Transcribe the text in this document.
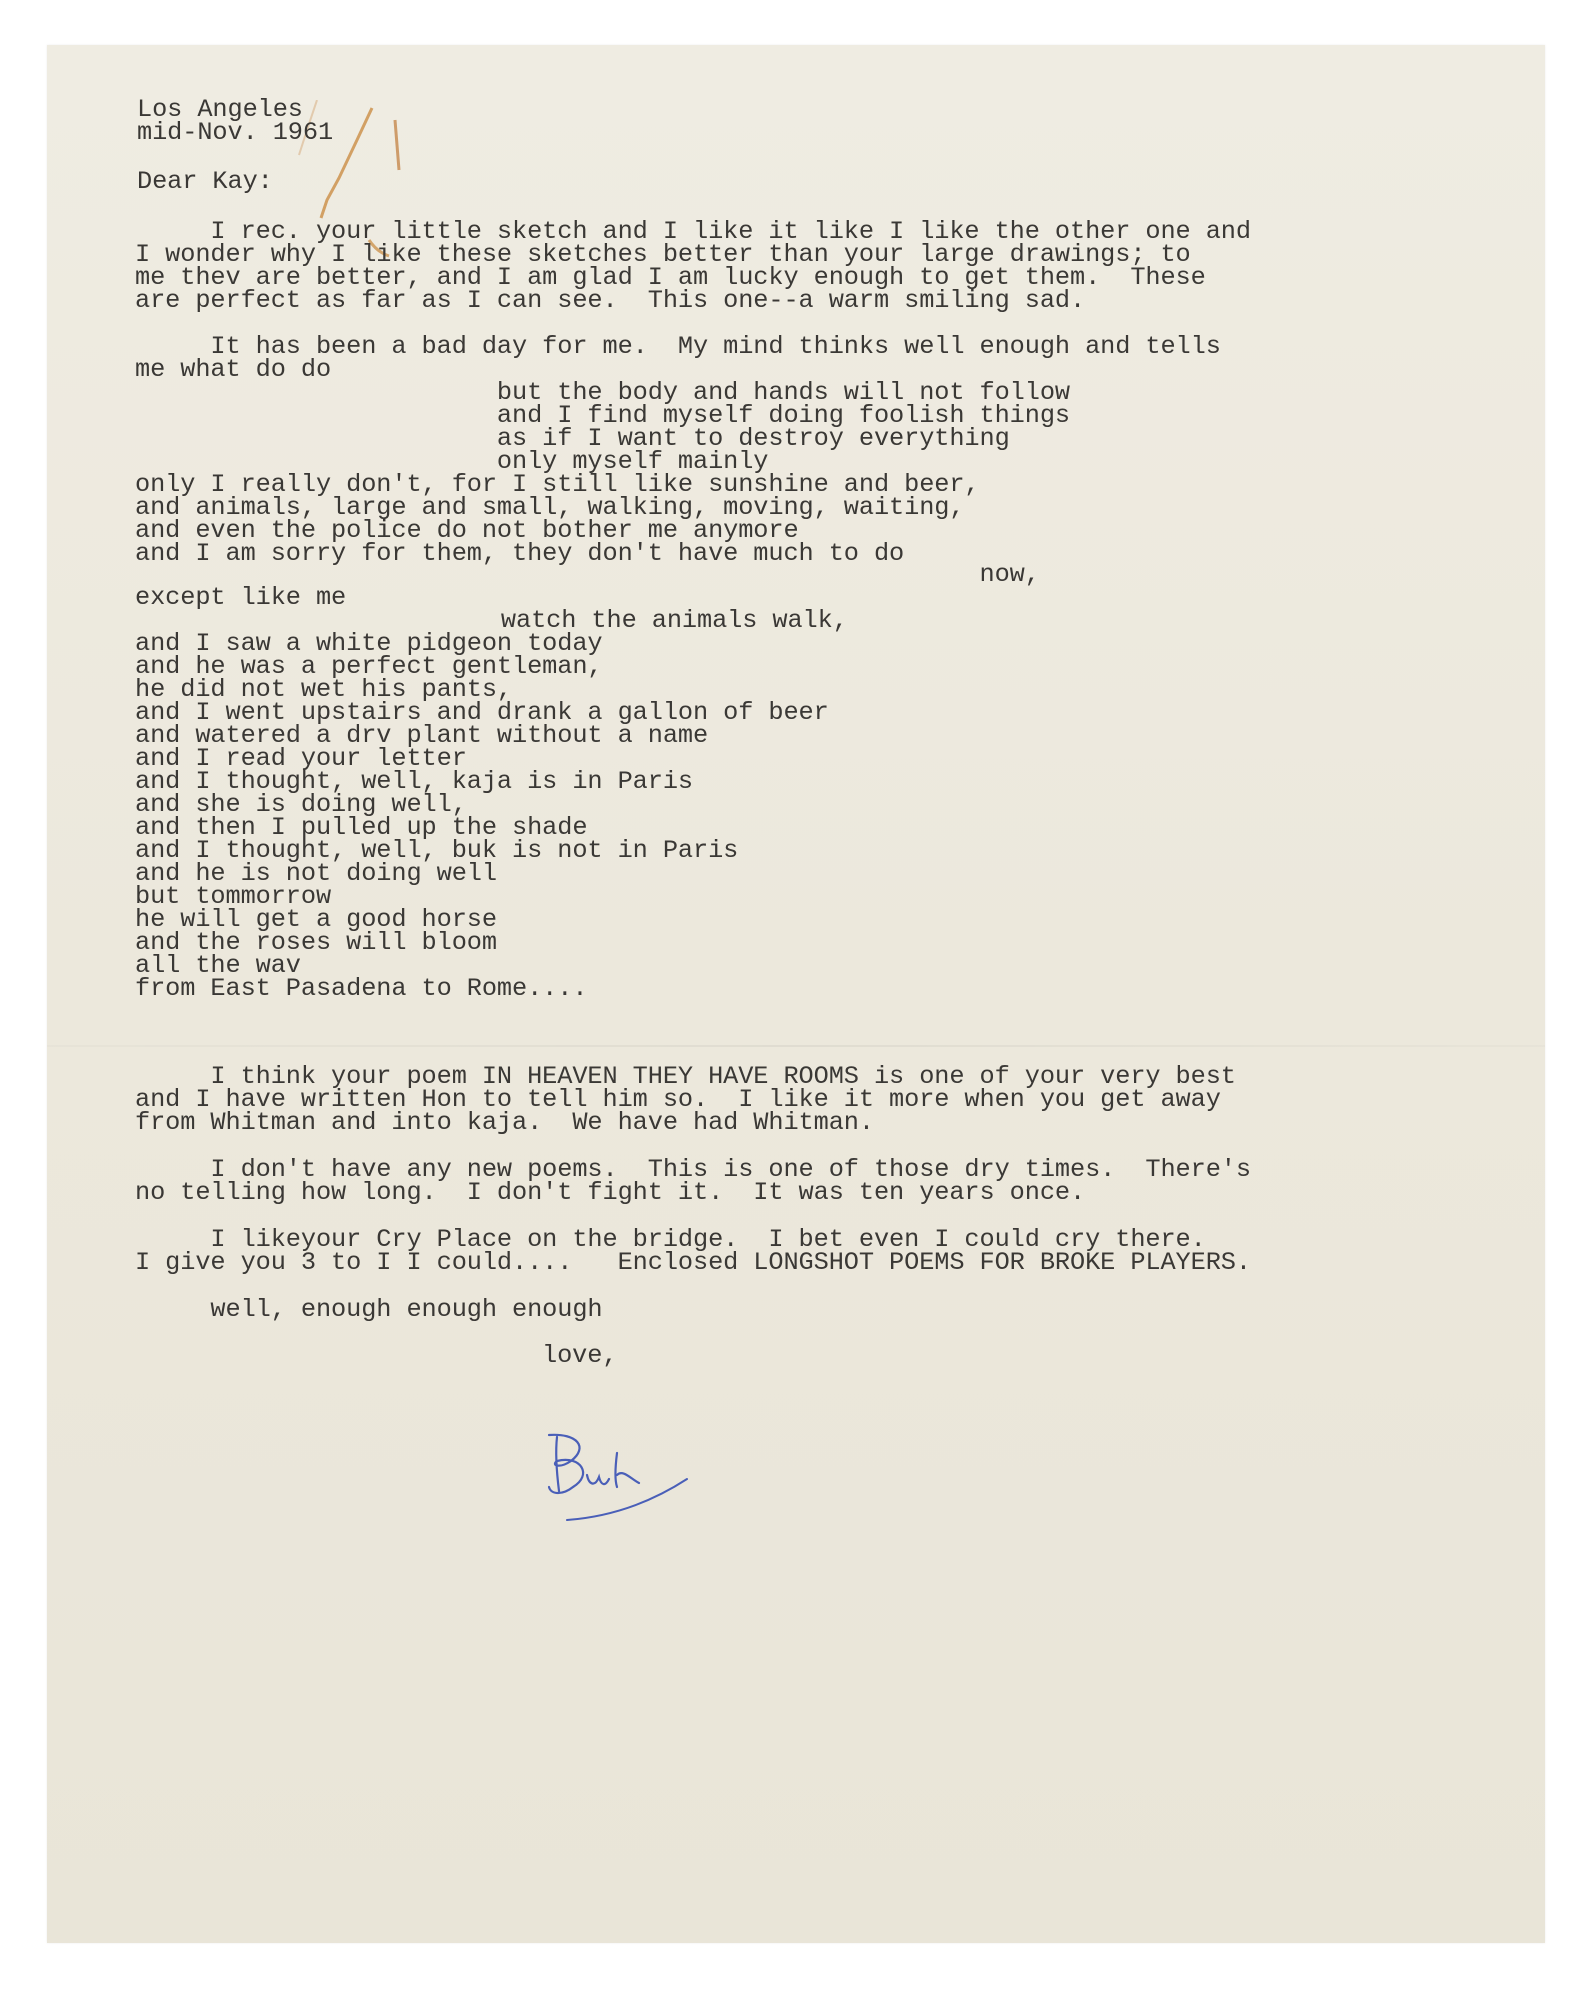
Los Angeles

mid-Nov. 1961

Dear Kay:

I rec. your little sketch and I like it like I like the other one and

I wonder why I like these sketches better than your large drawings; to

me thev are better, and I am glad I am lucky enough to get them.  These

are perfect as far as I can see.  This one--a warm smiling sad.

It has been a bad day for me.  My mind thinks well enough and tells

me what do do

but the body and hands will not follow

and I find myself doing foolish things

as if I want to destroy everything

only myself mainly

only I really don't, for I still like sunshine and beer,

and animals, large and small, walking, moving, waiting,

and even the police do not bother me anymore

and I am sorry for them, they don't have much to do

now,

except like me

watch the animals walk,

and I saw a white pidgeon today

and he was a perfect gentleman,

he did not wet his pants,

and I went upstairs and drank a gallon of beer

and watered a drv plant without a name

and I read your letter

and I thought, well, kaja is in Paris

and she is doing well,

and then I pulled up the shade

and I thought, well, buk is not in Paris

and he is not doing well

but tommorrow

he will get a good horse

and the roses will bloom

all the wav

from East Pasadena to Rome....

I think your poem IN HEAVEN THEY HAVE ROOMS is one of your very best

and I have written Hon to tell him so.  I like it more when you get away

from Whitman and into kaja.  We have had Whitman.

I don't have any new poems.  This is one of those dry times.  There's

no telling how long.  I don't fight it.  It was ten years once.

I likeyour Cry Place on the bridge.  I bet even I could cry there.

I give you 3 to I I could....   Enclosed LONGSHOT POEMS FOR BROKE PLAYERS.

well, enough enough enough

love,
